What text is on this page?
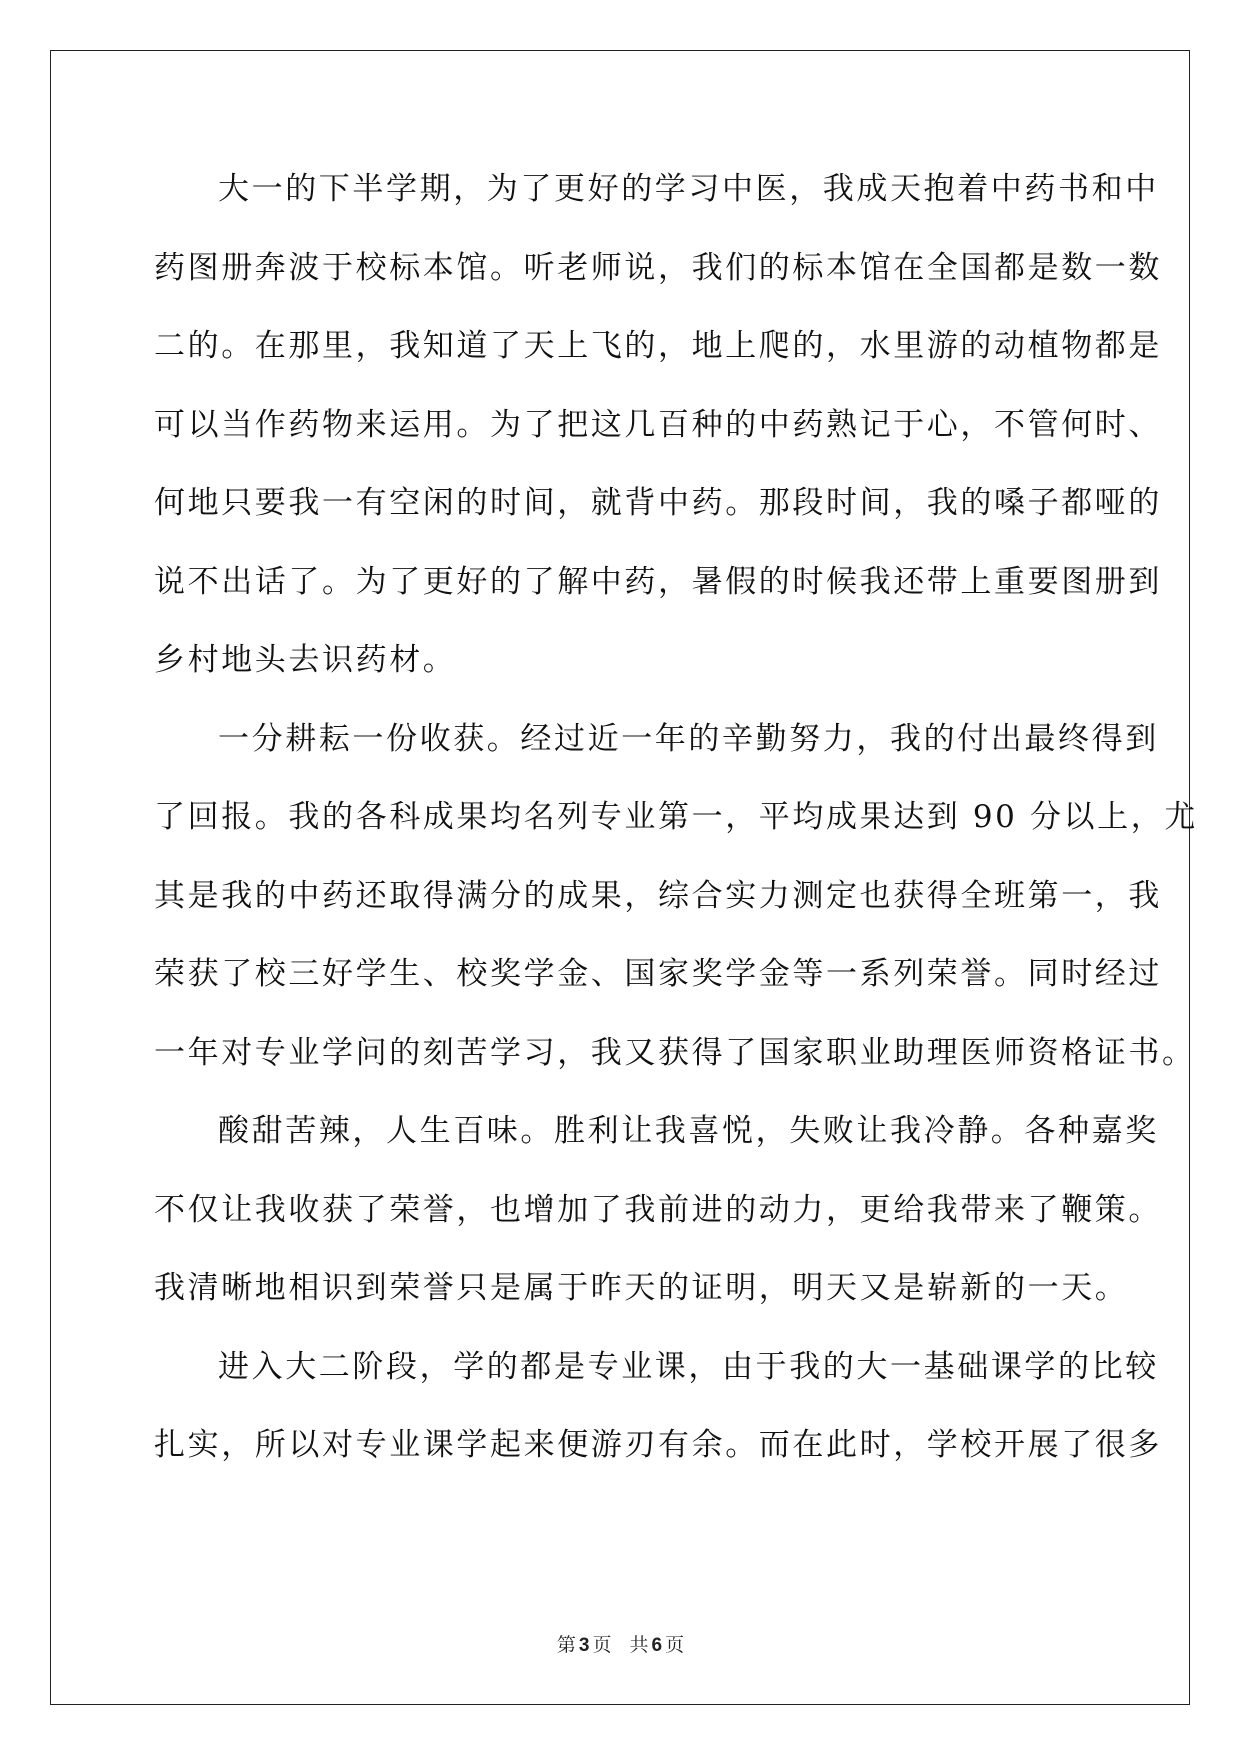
大一的下半学期，为了更好的学习中医，我成天抱着中药书和中
药图册奔波于校标本馆。听老师说，我们的标本馆在全国都是数一数
二的。在那里，我知道了天上飞的，地上爬的，水里游的动植物都是
可以当作药物来运用。为了把这几百种的中药熟记于心，不管何时、
何地只要我一有空闲的时间，就背中药。那段时间，我的嗓子都哑的
说不出话了。为了更好的了解中药，暑假的时候我还带上重要图册到
乡村地头去识药材。
一分耕耘一份收获。经过近一年的辛勤努力，我的付出最终得到
了回报。我的各科成果均名列专业第一，平均成果达到 90 分以上，尤
其是我的中药还取得满分的成果，综合实力测定也获得全班第一，我
荣获了校三好学生、校奖学金、国家奖学金等一系列荣誉。同时经过
一年对专业学问的刻苦学习，我又获得了国家职业助理医师资格证书。
酸甜苦辣，人生百味。胜利让我喜悦，失败让我冷静。各种嘉奖
不仅让我收获了荣誉，也增加了我前进的动力，更给我带来了鞭策。
我清晰地相识到荣誉只是属于昨天的证明，明天又是崭新的一天。
进入大二阶段，学的都是专业课，由于我的大一基础课学的比较
扎实，所以对专业课学起来便游刃有余。而在此时，学校开展了很多
第 3 页 共 6 页
